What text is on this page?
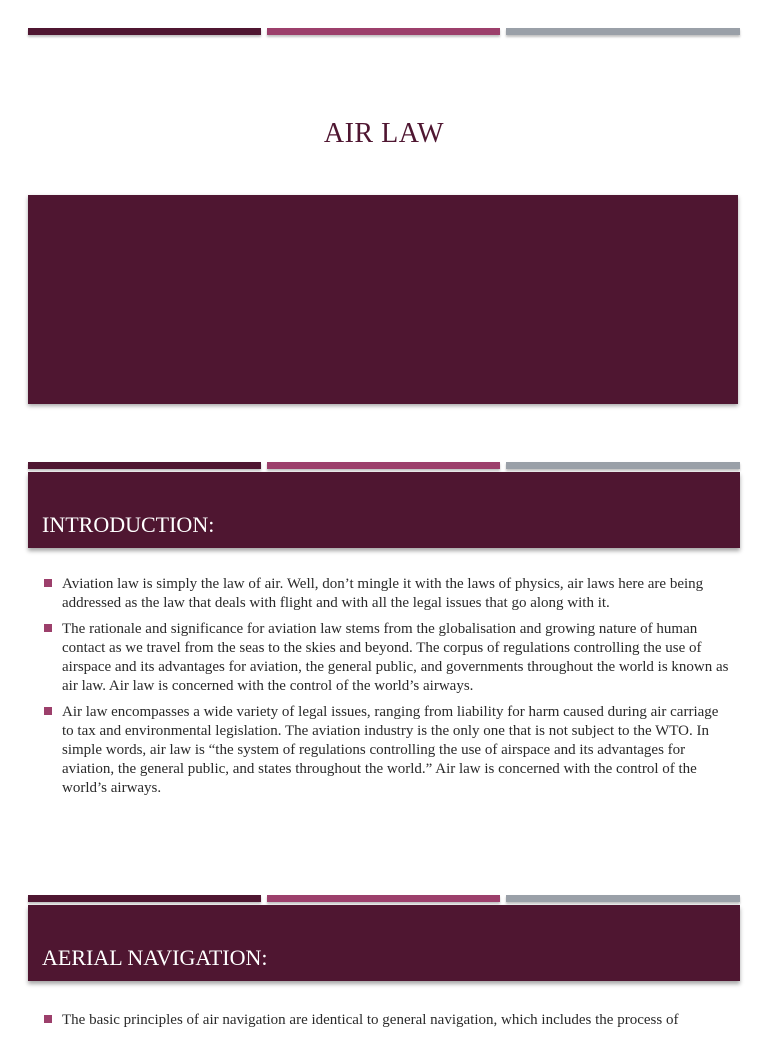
AIR LAW
INTRODUCTION:
Aviation law is simply the law of air. Well, don’t mingle it with the laws of physics, air laws here are being addressed as the law that deals with flight and with all the legal issues that go along with it.
The rationale and significance for aviation law stems from the globalisation and growing nature of human contact as we travel from the seas to the skies and beyond. The corpus of regulations controlling the use of airspace and its advantages for aviation, the general public, and governments throughout the world is known as air law. Air law is concerned with the control of the world’s airways.
Air law encompasses a wide variety of legal issues, ranging from liability for harm caused during air carriage to tax and environmental legislation. The aviation industry is the only one that is not subject to the WTO. In simple words, air law is “the system of regulations controlling the use of airspace and its advantages for aviation, the general public, and states throughout the world.” Air law is concerned with the control of the world’s airways.
AERIAL NAVIGATION:
The basic principles of air navigation are identical to general navigation, which includes the process of
